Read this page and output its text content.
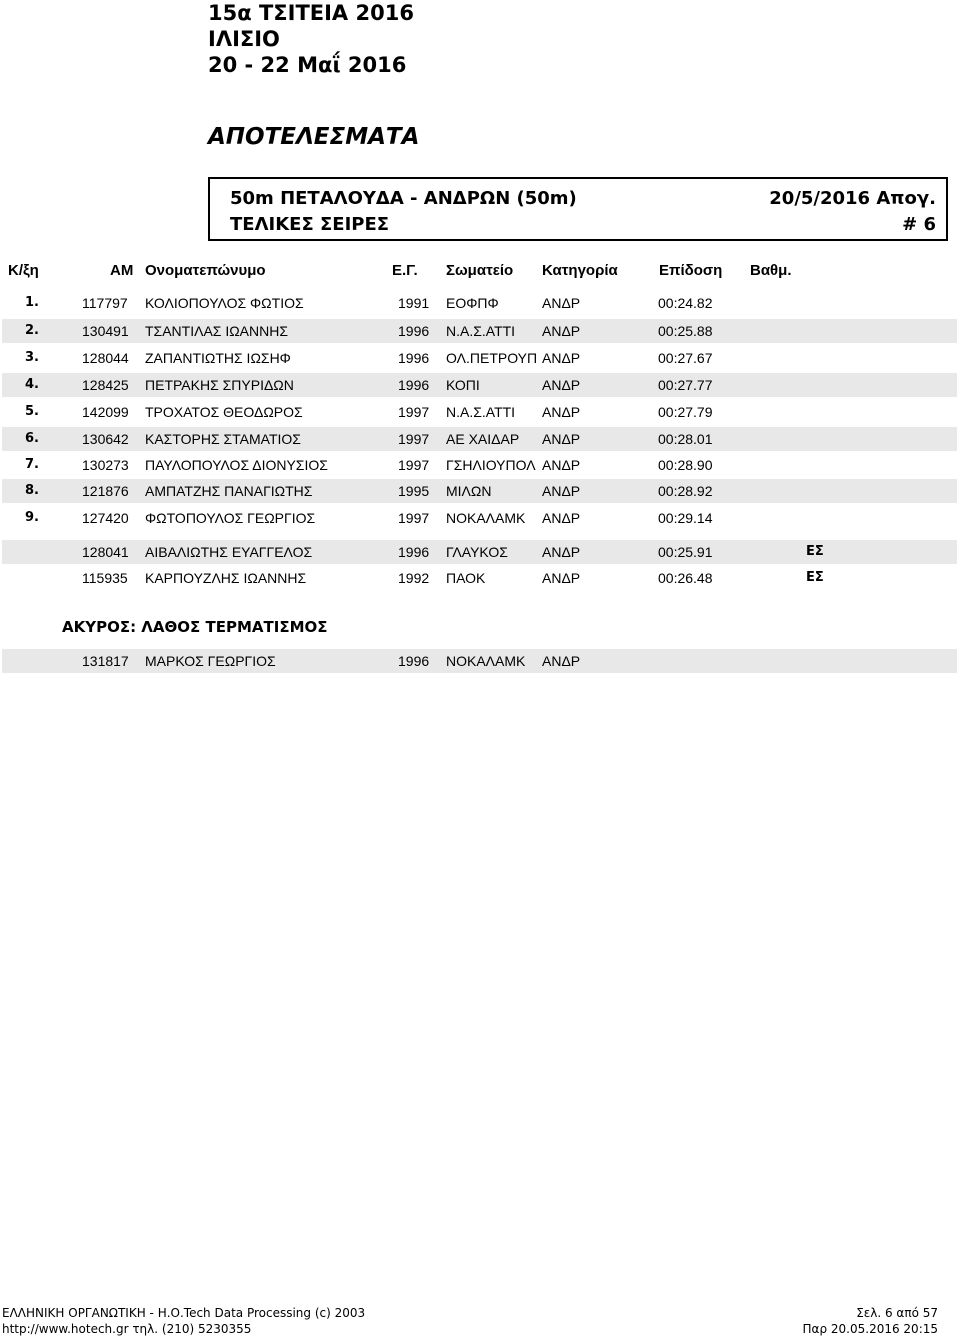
15α ΤΣΙΤΕΙΑ 2016
ΙΛΙΣΙΟ
20 - 22 Μαΐ 2016
ΑΠΟΤΕΛΕΣΜΑΤΑ
50m ΠΕΤΑΛΟΥΔΑ - ΑΝΔΡΩΝ (50m)	20/5/2016 Απογ.
ΤΕΛΙΚΕΣ ΣΕΙΡΕΣ	# 6
Κ/ξη	ΑΜ Ονοματεπώνυμο	Ε.Γ. Σωματείο Κατηγορία	Επίδοση Βαθμ.
1.	117797 ΚΟΛΙΟΠΟΥΛΟΣ ΦΩΤΙΟΣ	1991 ΕΟΦΠΦ	ΑΝΔΡ	00:24.82
2.	130491 ΤΣΑΝΤΙΛΑΣ ΙΩΑΝΝΗΣ	1996 Ν.Α.Σ.ΑΤΤΙ ΑΝΔΡ	00:25.88
3.	128044 ΖΑΠΑΝΤΙΩΤΗΣ ΙΩΣΗΦ	1996 ΟΛ.ΠΕΤΡΟΥΠ ΑΝΔΡ	00:27.67
4.	128425 ΠΕΤΡΑΚΗΣ ΣΠΥΡΙΔΩΝ	1996 ΚΟΠΙ	ΑΝΔΡ	00:27.77
5.	142099 ΤΡΟΧΑΤΟΣ ΘΕΟΔΩΡΟΣ	1997 Ν.Α.Σ.ΑΤΤΙ ΑΝΔΡ	00:27.79
6.	130642 ΚΑΣΤΟΡΗΣ ΣΤΑΜΑΤΙΟΣ	1997 ΑΕ ΧΑΙΔΑΡ ΑΝΔΡ	00:28.01
7.	130273 ΠΑΥΛΟΠΟΥΛΟΣ ΔΙΟΝΥΣΙΟΣ	1997 ΓΣΗΛΙΟΥΠΟΛ ΑΝΔΡ	00:28.90
8.	121876 ΑΜΠΑΤΖΗΣ ΠΑΝΑΓΙΩΤΗΣ	1995 ΜΙΛΩΝ	ΑΝΔΡ	00:28.92
9.	127420 ΦΩΤΟΠΟΥΛΟΣ ΓΕΩΡΓΙΟΣ	1997 ΝΟΚΑΛΑΜΚ ΑΝΔΡ	00:29.14
128041 ΑΙΒΑΛΙΩΤΗΣ ΕΥΑΓΓΕΛΟΣ	1996 ΓΛΑΥΚΟΣ ΑΝΔΡ	00:25.91	ΕΣ
115935 ΚΑΡΠΟΥΖΛΗΣ ΙΩΑΝΝΗΣ	1992 ΠΑΟΚ	ΑΝΔΡ	00:26.48	ΕΣ
ΑΚΥΡΟΣ: ΛΑΘΟΣ ΤΕΡΜΑΤΙΣΜΟΣ
131817 ΜΑΡΚΟΣ ΓΕΩΡΓΙΟΣ	1996 ΝΟΚΑΛΑΜΚ ΑΝΔΡ
ΕΛΛΗΝΙΚΗ ΟΡΓΑΝΩΤΙΚΗ - Η.Ο.Tech Data Processing (c) 2003
http://www.hotech.gr τηλ. (210) 5230355
Σελ. 6 από 57
Παρ 20.05.2016 20:15
